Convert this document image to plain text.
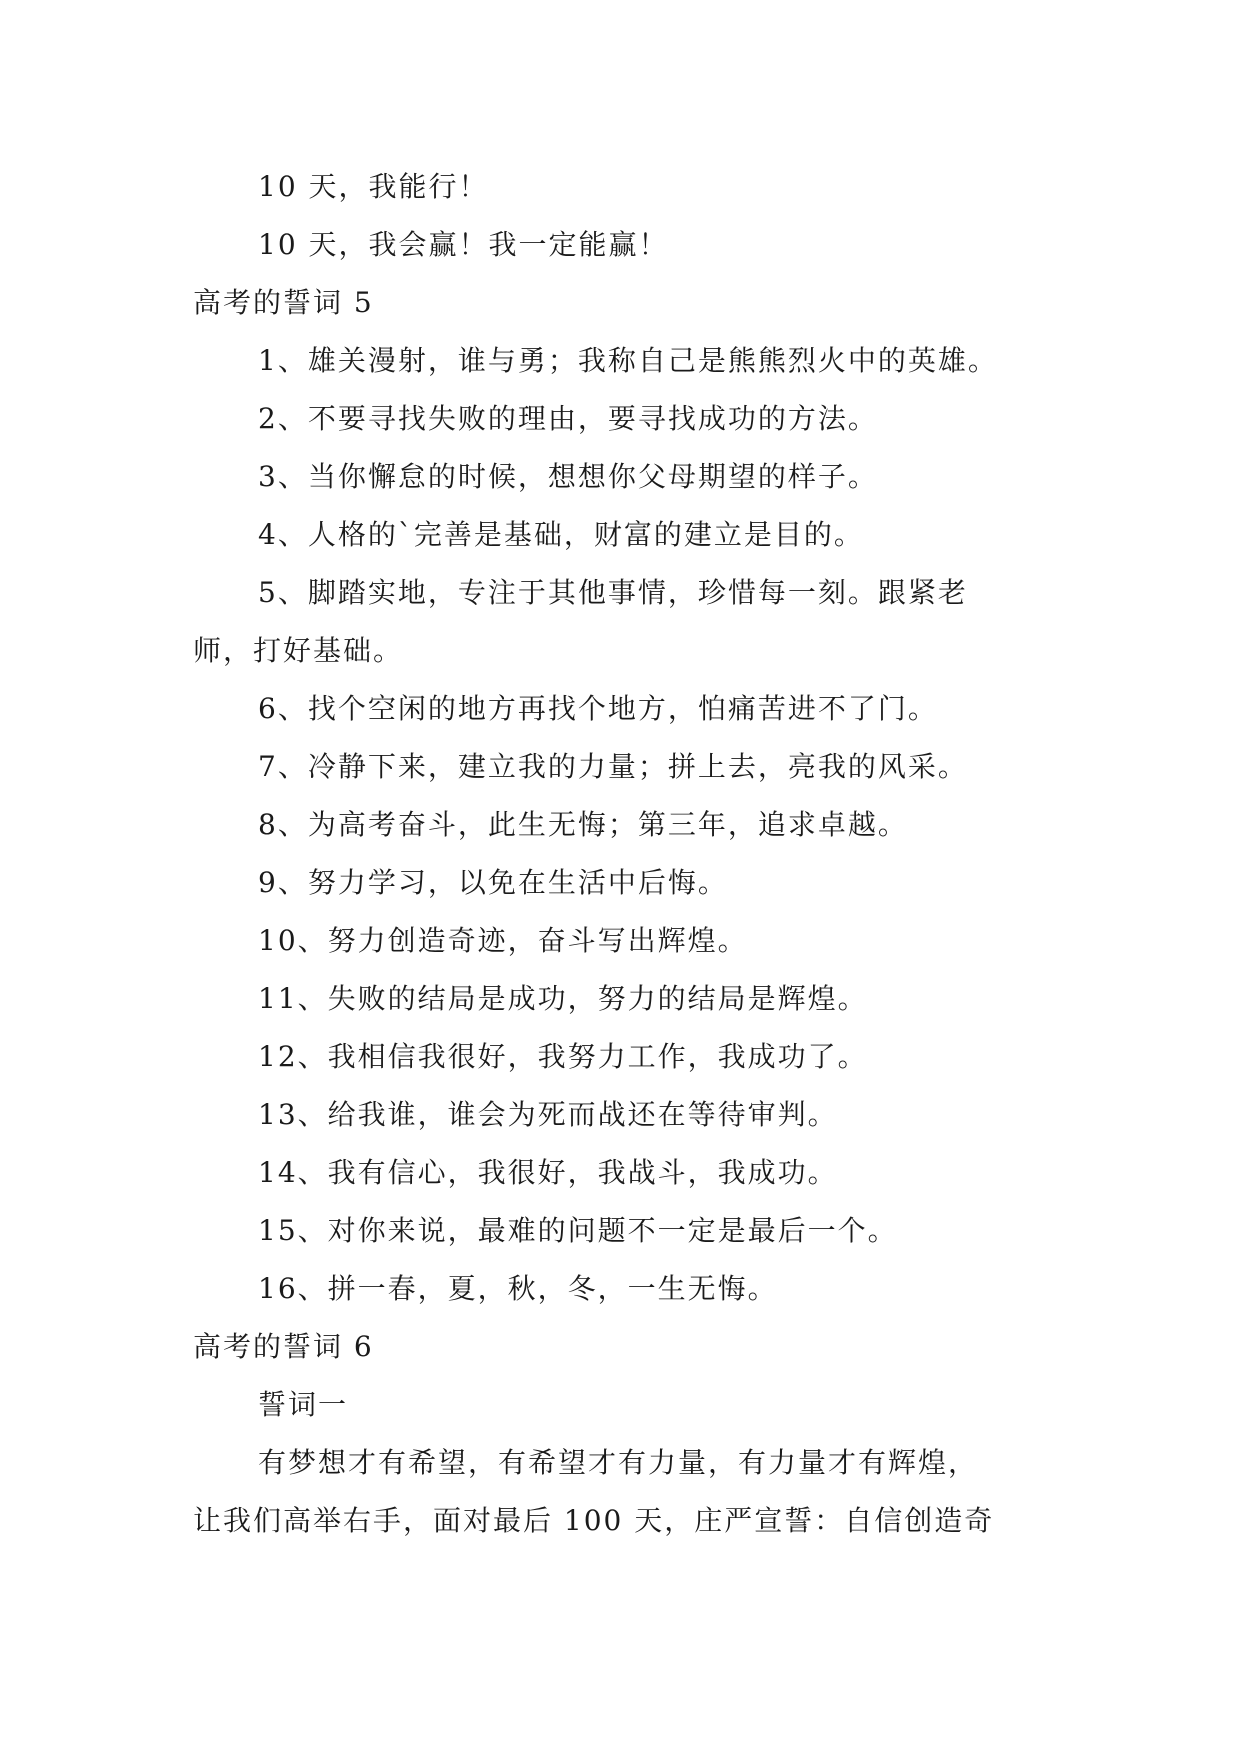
10 天，我能行！
10 天，我会赢！我一定能赢！
高考的誓词 5
1、雄关漫射，谁与勇；我称自己是熊熊烈火中的英雄。
2、不要寻找失败的理由，要寻找成功的方法。
3、当你懈怠的时候，想想你父母期望的样子。
4、人格的`完善是基础，财富的建立是目的。
5、脚踏实地，专注于其他事情，珍惜每一刻。跟紧老
师，打好基础。
6、找个空闲的地方再找个地方，怕痛苦进不了门。
7、冷静下来，建立我的力量；拼上去，亮我的风采。
8、为高考奋斗，此生无悔；第三年，追求卓越。
9、努力学习，以免在生活中后悔。
10、努力创造奇迹，奋斗写出辉煌。
11、失败的结局是成功，努力的结局是辉煌。
12、我相信我很好，我努力工作，我成功了。
13、给我谁，谁会为死而战还在等待审判。
14、我有信心，我很好，我战斗，我成功。
15、对你来说，最难的问题不一定是最后一个。
16、拼一春，夏，秋，冬，一生无悔。
高考的誓词 6
誓词一
有梦想才有希望，有希望才有力量，有力量才有辉煌，
让我们高举右手，面对最后 100 天，庄严宣誓：自信创造奇
